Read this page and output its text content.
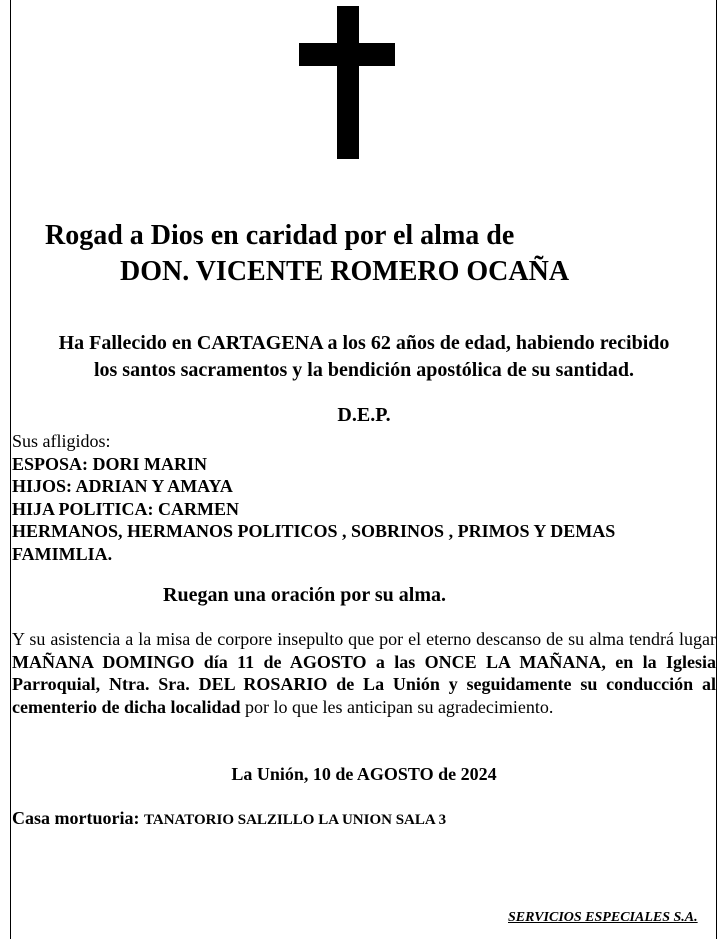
Rogad a Dios en caridad por el alma de
DON. VICENTE ROMERO OCAÑA
Ha Fallecido en CARTAGENA a los 62 años de edad, habiendo recibido
los santos sacramentos y la bendición apostólica de su santidad.
D.E.P.
Sus afligidos:
ESPOSA: DORI MARIN
HIJOS: ADRIAN Y AMAYA
HIJA POLITICA: CARMEN
HERMANOS, HERMANOS POLITICOS , SOBRINOS , PRIMOS Y DEMAS FAMIMLIA.
Ruegan una oración por su alma.
Y su asistencia a la misa de corpore insepulto que por el eterno descanso de su alma tendrá lugar MAÑANA DOMINGO día 11 de AGOSTO a las ONCE LA MAÑANA, en la Iglesia Parroquial, Ntra. Sra. DEL ROSARIO de La Unión y seguidamente su conducción al cementerio de dicha localidad por lo que les anticipan su agradecimiento.
La Unión, 10 de AGOSTO de 2024
Casa mortuoria: TANATORIO SALZILLO LA UNION SALA 3
SERVICIOS ESPECIALES S.A.
